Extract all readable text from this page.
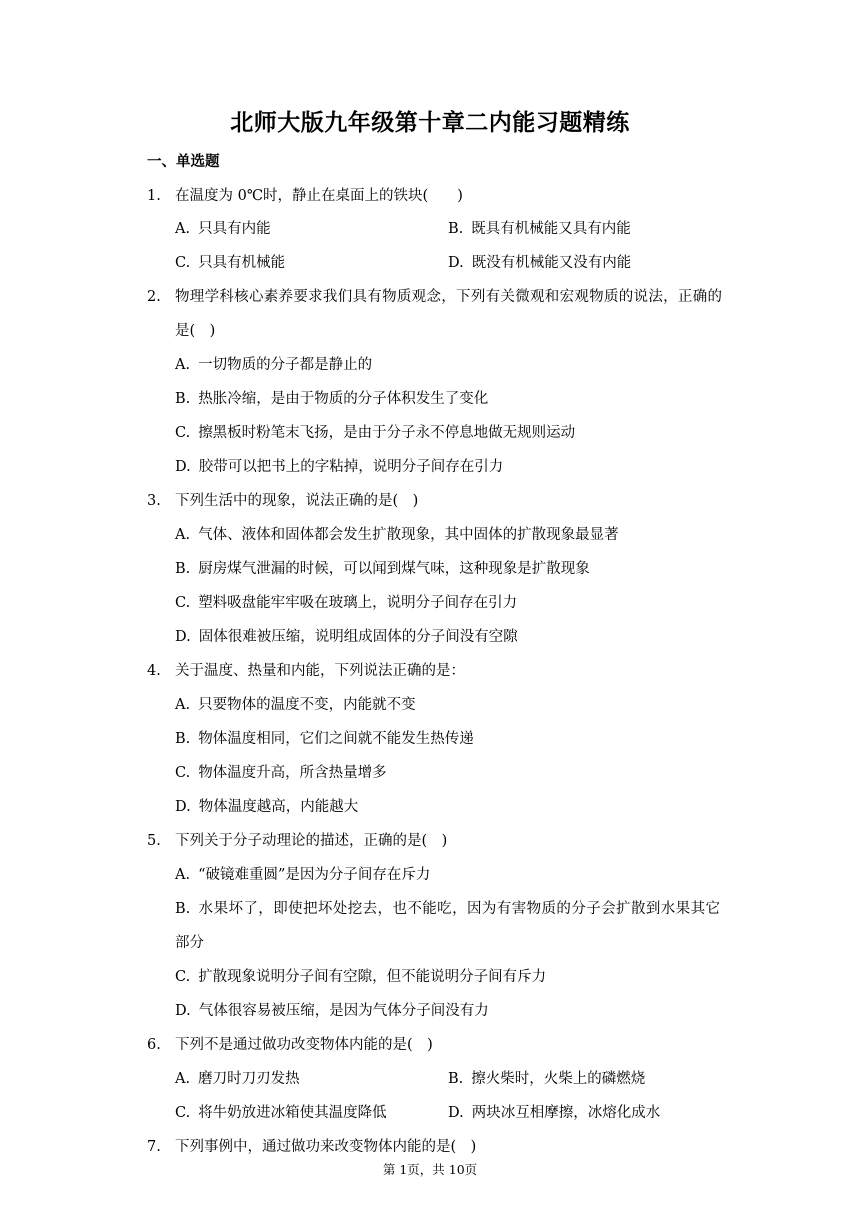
北师大版九年级第十章二内能习题精练
一、单选题
1. 在温度为 0℃时，静止在桌面上的铁块(　　)
A. 只具有内能	B. 既具有机械能又具有内能
C. 只具有机械能	D. 既没有机械能又没有内能
2. 物理学科核心素养要求我们具有物质观念，下列有关微观和宏观物质的说法，正确的是(　)
A. 一切物质的分子都是静止的
B. 热胀冷缩，是由于物质的分子体积发生了变化
C. 擦黑板时粉笔末飞扬，是由于分子永不停息地做无规则运动
D. 胶带可以把书上的字粘掉，说明分子间存在引力
3. 下列生活中的现象，说法正确的是(　)
A. 气体、液体和固体都会发生扩散现象，其中固体的扩散现象最显著
B. 厨房煤气泄漏的时候，可以闻到煤气味，这种现象是扩散现象
C. 塑料吸盘能牢牢吸在玻璃上，说明分子间存在引力
D. 固体很难被压缩，说明组成固体的分子间没有空隙
4. 关于温度、热量和内能，下列说法正确的是：
A. 只要物体的温度不变，内能就不变
B. 物体温度相同，它们之间就不能发生热传递
C. 物体温度升高，所含热量增多
D. 物体温度越高，内能越大
5. 下列关于分子动理论的描述，正确的是(　)
A. “破镜难重圆”是因为分子间存在斥力
B. 水果坏了，即使把坏处挖去，也不能吃，因为有害物质的分子会扩散到水果其它部分
C. 扩散现象说明分子间有空隙，但不能说明分子间有斥力
D. 气体很容易被压缩，是因为气体分子间没有力
6. 下列不是通过做功改变物体内能的是(　)
A. 磨刀时刀刃发热	B. 擦火柴时，火柴上的磷燃烧
C. 将牛奶放进冰箱使其温度降低	D. 两块冰互相摩擦，冰熔化成水
7. 下列事例中，通过做功来改变物体内能的是(　)
第 1页，共 10页
